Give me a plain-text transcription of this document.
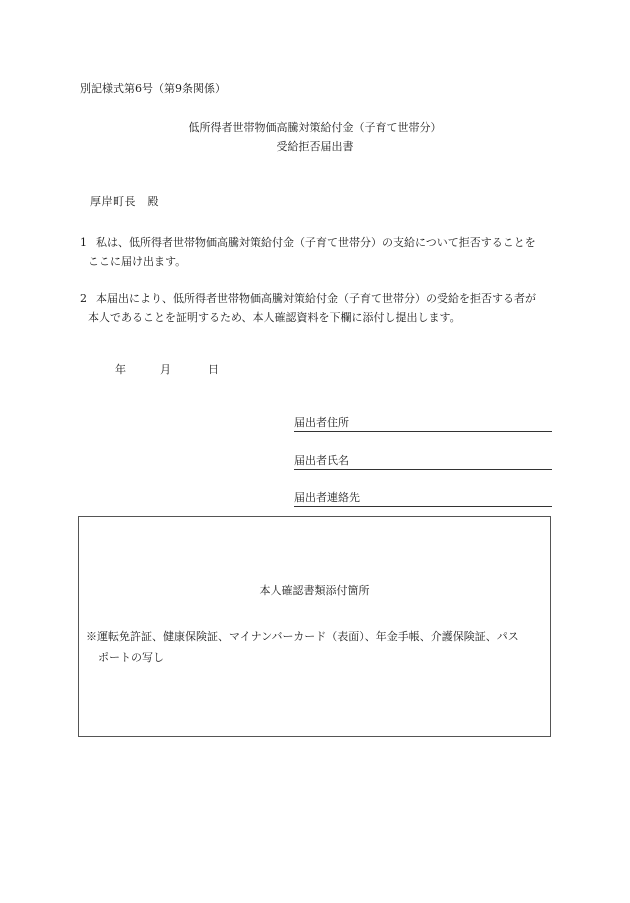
別記様式第6号（第9条関係）
低所得者世帯物価高騰対策給付金（子育て世帯分）
受給拒否届出書
厚岸町長　殿
1 私は、低所得者世帯物価高騰対策給付金（子育て世帯分）の支給について拒否することを
ここに届け出ます。
2 本届出により、低所得者世帯物価高騰対策給付金（子育て世帯分）の受給を拒否する者が
本人であることを証明するため、本人確認資料を下欄に添付し提出します。
年	月	日
届出者住所
届出者氏名
届出者連絡先
本人確認書類添付箇所
※運転免許証、健康保険証、マイナンバーカード（表面）、年金手帳、介護保険証、パス
ポートの写し
